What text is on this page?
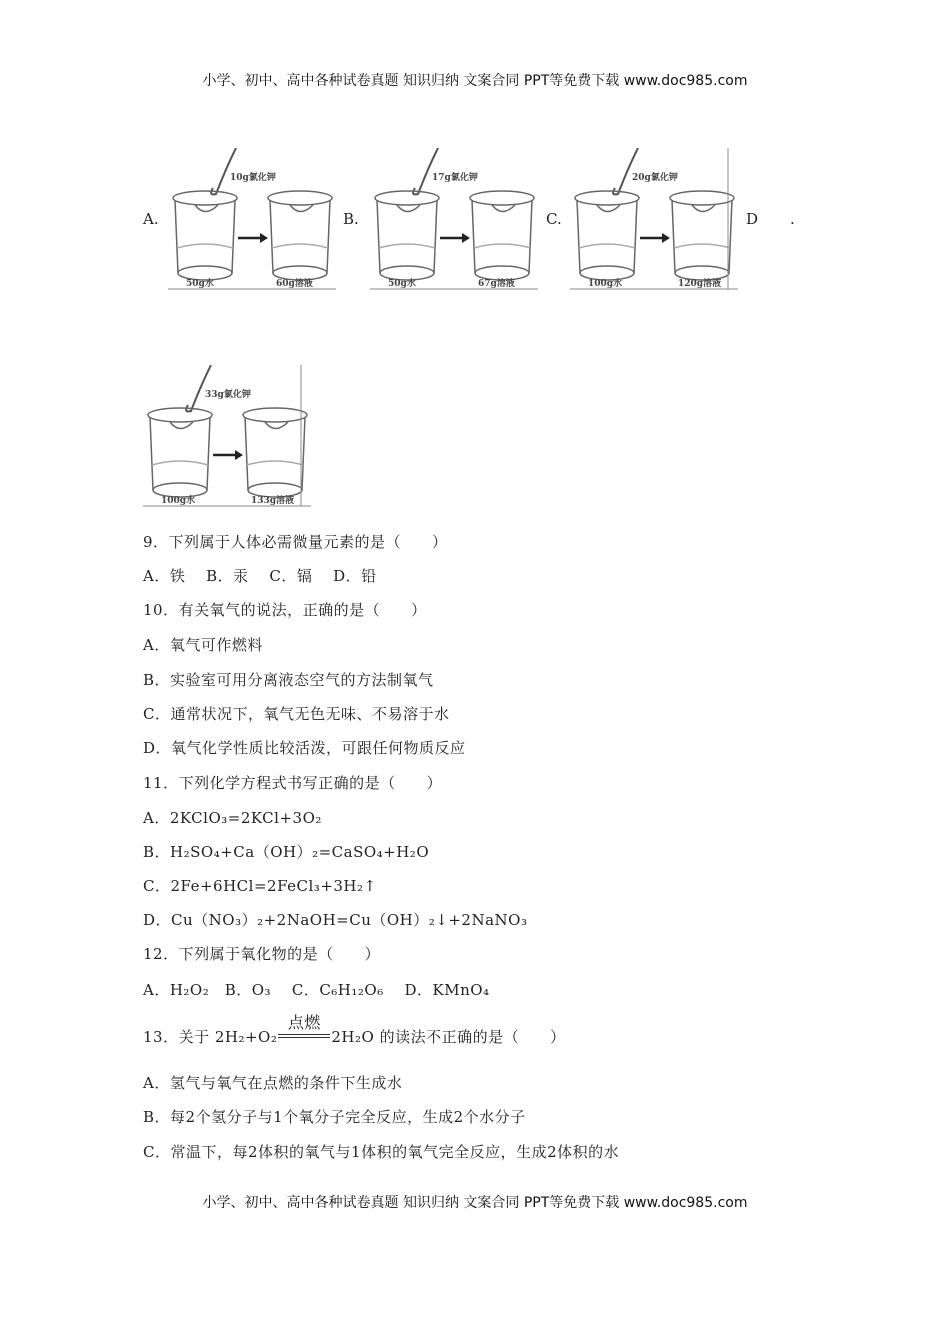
小学、初中、高中各种试卷真题 知识归纳 文案合同 PPT等免费下载 www.doc985.com
A.
10g氯化钾
50g水	60g溶液
B.
17g氯化钾
50g水	67g溶液
C.
20g氯化钾
100g水	120g溶液
D .
33g氯化钾
100g水	133g溶液
9．下列属于人体必需微量元素的是（　　）
A．铁　 B．汞　 C．镉　 D．铅
10．有关氧气的说法，正确的是（　　）
A．氧气可作燃料
B．实验室可用分离液态空气的方法制氧气
C．通常状况下，氧气无色无味、不易溶于水
D．氧气化学性质比较活泼，可跟任何物质反应
11．下列化学方程式书写正确的是（　　）
A．2KClO₃=2KCl+3O₂
B．H₂SO₄+Ca（OH）₂=CaSO₄+H₂O
C．2Fe+6HCl=2FeCl₃+3H₂↑
D．Cu（NO₃）₂+2NaOH=Cu（OH）₂↓+2NaNO₃
12．下列属于氧化物的是（　　）
A．H₂O₂　B．O₃　 C．C₆H₁₂O₆　 D．KMnO₄
13．关于 2H₂+O₂
点燃
2H₂O 的读法不正确的是（　　）
A．氢气与氧气在点燃的条件下生成水
B．每2个氢分子与1个氧分子完全反应，生成2个水分子
C．常温下，每2体积的氧气与1体积的氧气完全反应，生成2体积的水
小学、初中、高中各种试卷真题 知识归纳 文案合同 PPT等免费下载 www.doc985.com
